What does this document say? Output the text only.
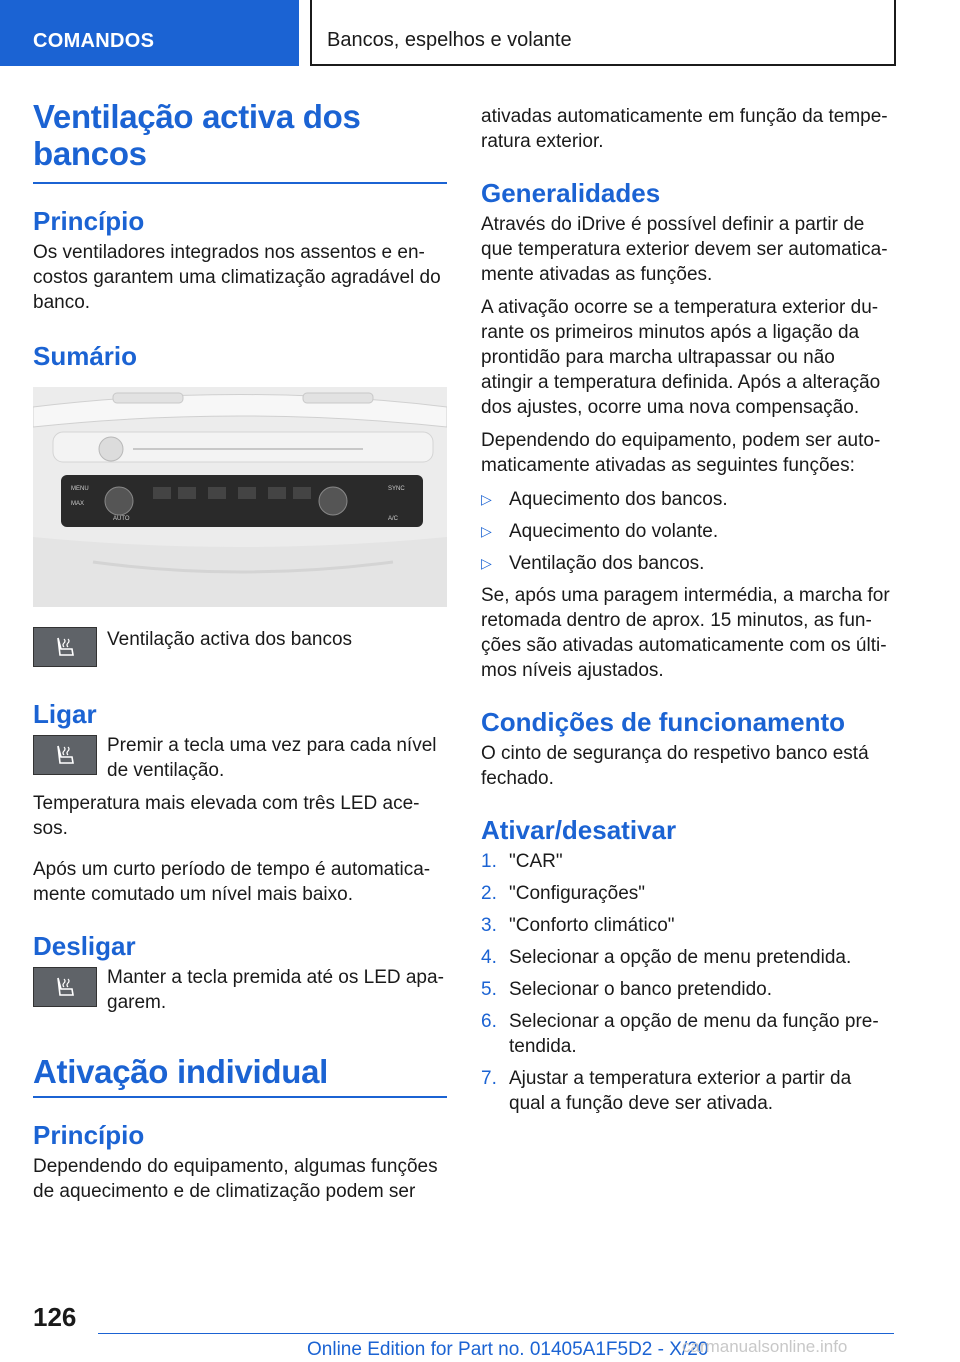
COMANDOS	Bancos, espelhos e volante
Ventilação activa dos bancos
Princípio

Os ventiladores integrados nos assentos e en‐costos garantem uma climatização agradável do banco.

Sumário
MENU
MAX
SYNC
AUTO	A/C

Ventilação activa dos bancos

Ligar

Premir a tecla uma vez para cada nível de ventilação.

Temperatura mais elevada com três LED ace‐sos.

Após um curto período de tempo é automatica‐mente comutado um nível mais baixo.

Desligar

Manter a tecla premida até os LED apa‐garem.

Ativação individual
Princípio

Dependendo do equipamento, algumas funções de aquecimento e de climatização podem ser

ativadas automaticamente em função da tempe‐ratura exterior.

Generalidades

Através do iDrive é possível definir a partir de que temperatura exterior devem ser automatica‐mente ativadas as funções.

A ativação ocorre se a temperatura exterior du‐rante os primeiros minutos após a ligação da prontidão para marcha ultrapassar ou não atingir a temperatura definida. Após a alteração dos ajustes, ocorre uma nova compensação.

Dependendo do equipamento, podem ser auto‐maticamente ativadas as seguintes funções:

▷ Aquecimento dos bancos.
▷ Aquecimento do volante.
▷ Ventilação dos bancos.

Se, após uma paragem intermédia, a marcha for retomada dentro de aprox. 15 minutos, as fun‐ções são ativadas automaticamente com os últi‐mos níveis ajustados.

Condições de funcionamento

O cinto de segurança do respetivo banco está fechado.

Ativar/desativar
1. "CAR"
2. "Configurações"
3. "Conforto climático"
4. Selecionar a opção de menu pretendida.
5. Selecionar o banco pretendido.
6. Selecionar a opção de menu da função pre‐tendida.
7. Ajustar a temperatura exterior a partir da qual a função deve ser ativada.
126
Online Edition for Part no. 01405A1F5D2 - X/20
carmanualsonline.info
